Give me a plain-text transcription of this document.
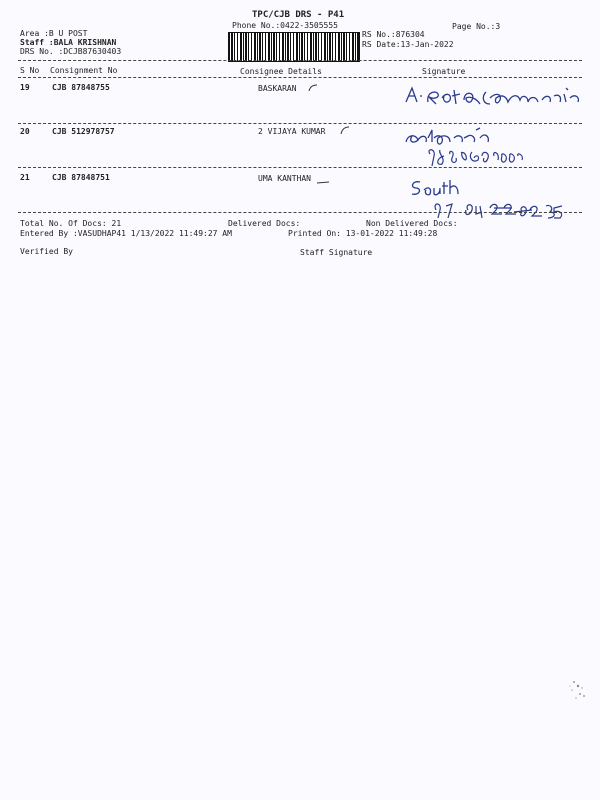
TPC/CJB DRS - P41
Phone No.:0422-3505555	Page No.:3
Area :B U POST
Staff :BALA KRISHNAN
DRS No. :DCJB87630403
RS No.:876304
RS Date:13-Jan-2022
S No Consignment No	Consignee Details	Signature
19	CJB 87848755	BASKARAN
20	CJB 512978757	2 VIJAYA KUMAR
21	CJB 87848751	UMA KANTHAN
Total No. Of Docs: 21	Delivered Docs:	Non Delivered Docs:
Entered By :VASUDHAP41 1/13/2022 11:49:27 AM	Printed On: 13-01-2022 11:49:28
Verified By	Staff Signature
